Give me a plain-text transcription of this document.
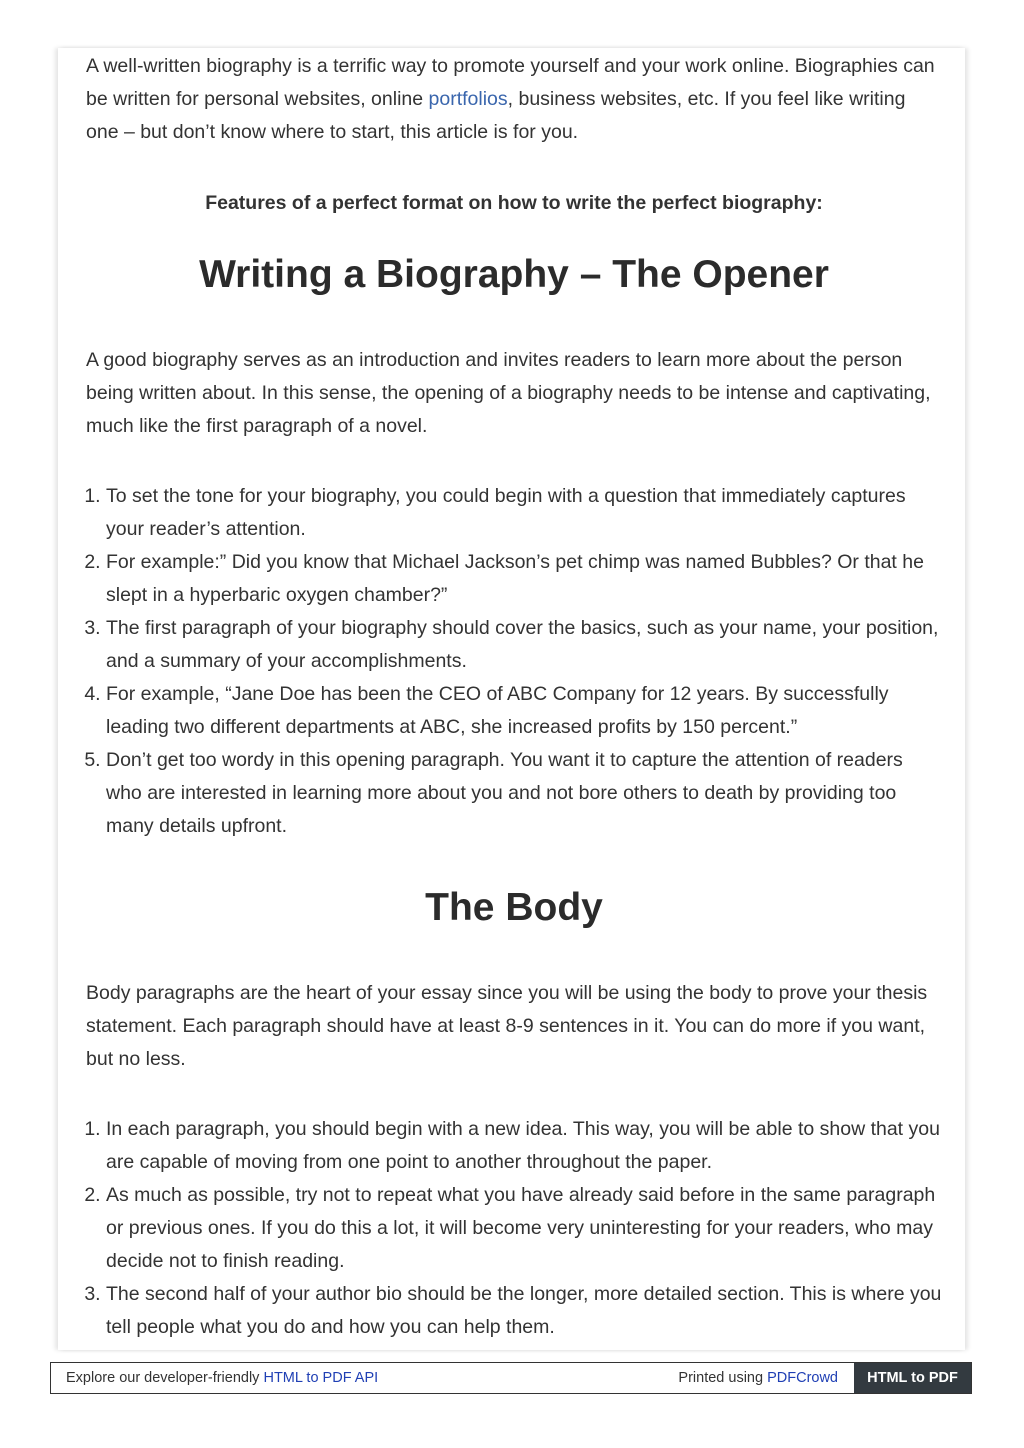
A well-written biography is a terrific way to promote yourself and your work online. Biographies can be written for personal websites, online portfolios, business websites, etc. If you feel like writing one – but don’t know where to start, this article is for you.

Features of a perfect format on how to write the perfect biography:

Writing a Biography – The Opener

A good biography serves as an introduction and invites readers to learn more about the person being written about. In this sense, the opening of a biography needs to be intense and captivating, much like the first paragraph of a novel.

1. To set the tone for your biography, you could begin with a question that immediately captures your reader’s attention.
2. For example:” Did you know that Michael Jackson’s pet chimp was named Bubbles? Or that he slept in a hyperbaric oxygen chamber?”
3. The first paragraph of your biography should cover the basics, such as your name, your position, and a summary of your accomplishments.
4. For example, “Jane Doe has been the CEO of ABC Company for 12 years. By successfully leading two different departments at ABC, she increased profits by 150 percent.”
5. Don’t get too wordy in this opening paragraph. You want it to capture the attention of readers who are interested in learning more about you and not bore others to death by providing too many details upfront.
The Body

Body paragraphs are the heart of your essay since you will be using the body to prove your thesis statement. Each paragraph should have at least 8-9 sentences in it. You can do more if you want, but no less.

1. In each paragraph, you should begin with a new idea. This way, you will be able to show that you are capable of moving from one point to another throughout the paper.
2. As much as possible, try not to repeat what you have already said before in the same paragraph or previous ones. If you do this a lot, it will become very uninteresting for your readers, who may decide not to finish reading.
3. The second half of your author bio should be the longer, more detailed section. This is where you tell people what you do and how you can help them.
Explore our developer-friendly HTML to PDF API	Printed using PDFCrowd	HTML to PDF
